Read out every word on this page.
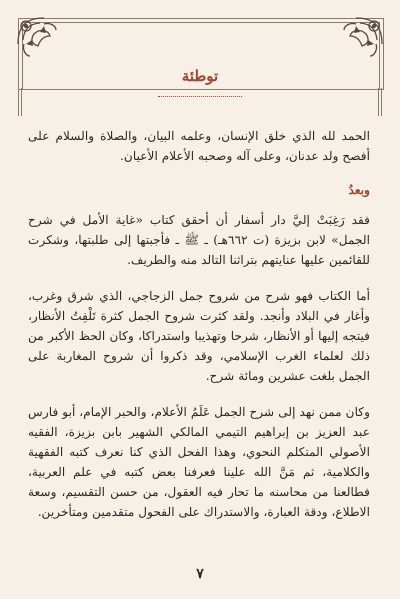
توطئة

الحمد لله الذي خلق الإنسان، وعلمه البيان، والصلاة والسلام على أفصح ولد عدنان، وعلى آله وصحبه الأعلام الأعيان.

وبعدُ

فقد رَغِبَتْ إليَّ دار أسفار أن أحقق كتاب «غاية الأمل في شرح الجمل» لابن بزيزة (ت ٦٦٢هـ) ـ ﷺ ـ فأجبتها إلى طلبتها، وشكرت للقائمين عليها عنايتهم بتراثنا التالد منه والطريف.

أما الكتاب فهو شرح من شروح جمل الزجاجي، الذي شرق وغرب، وأغار في البلاد وأنجد. ولقد كثرت شروح الجمل كثرة تَلْفِتُ الأنظار، فيتجه إليها أو الأنظار، شرحا وتهذيبا واستدراكا، وكان الحظ الأكبر من ذلك لعلماء الغرب الإسلامي، وقد ذكروا أن شروح المغاربة على الجمل بلغت عشرين ومائة شرح.

وكان ممن نهد إلى شرح الجمل عَلَمُ الأعلام، والحبر الإمام، أبو فارس عبد العزيز بن إبراهيم التيمي المالكي الشهير بابن بزيزة، الفقيه الأصولي المتكلم النحوي، وهذا الفحل الذي كنا نعرف كتبه الفقهية والكلامية، ثم مَنَّ الله علينا فعرفنا بعض كتبه في علم العربية، فطالعنا من محاسنه ما تحار فيه العقول، من حسن التقسيم، وسعة الاطلاع، ودقة العبارة، والاستدراك على الفحول متقدمين ومتأخرين.

٧
